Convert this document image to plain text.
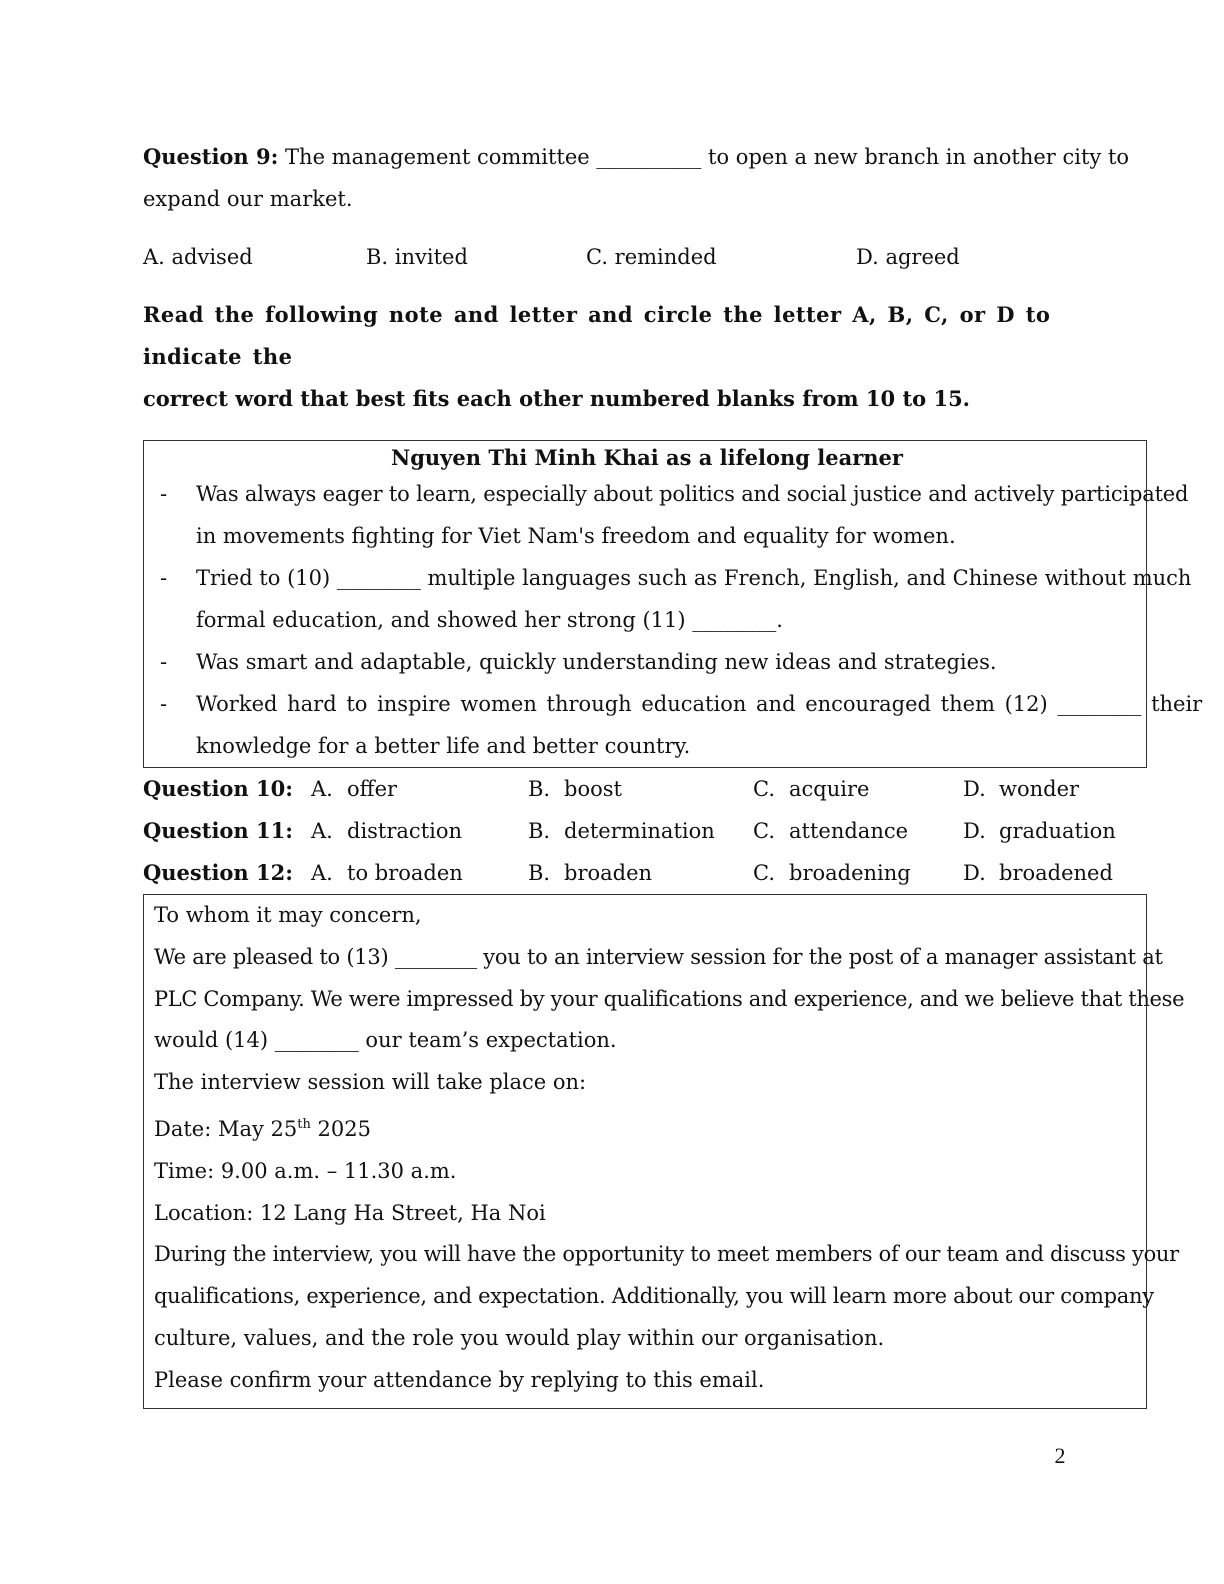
Question 9: The management committee __________ to open a new branch in another city to
expand our market.
A. advised	B. invited	C. reminded	D. agreed
Read the following note and letter and circle the letter A, B, C, or D to indicate the
correct word that best fits each other numbered blanks from 10 to 15.
Nguyen Thi Minh Khai as a lifelong learner
- Was always eager to learn, especially about politics and social justice and actively participated
in movements fighting for Viet Nam's freedom and equality for women.
- Tried to (10) ________ multiple languages such as French, English, and Chinese without much
formal education, and showed her strong (11) ________.
- Was smart and adaptable, quickly understanding new ideas and strategies.
- Worked hard to inspire women through education and encouraged them (12) ________ their
knowledge for a better life and better country.
Question 10: A. offer	B. boost	C. acquire	D. wonder
Question 11: A. distraction	B. determination C. attendance	D. graduation
Question 12: A. to broaden	B. broaden	C. broadening D. broadened
To whom it may concern,
We are pleased to (13) ________ you to an interview session for the post of a manager assistant at
PLC Company. We were impressed by your qualifications and experience, and we believe that these
would (14) ________ our team’s expectation.
The interview session will take place on:
Date: May 25th 2025
Time: 9.00 a.m. – 11.30 a.m.
Location: 12 Lang Ha Street, Ha Noi
During the interview, you will have the opportunity to meet members of our team and discuss your
qualifications, experience, and expectation. Additionally, you will learn more about our company
culture, values, and the role you would play within our organisation.
Please confirm your attendance by replying to this email.
2
